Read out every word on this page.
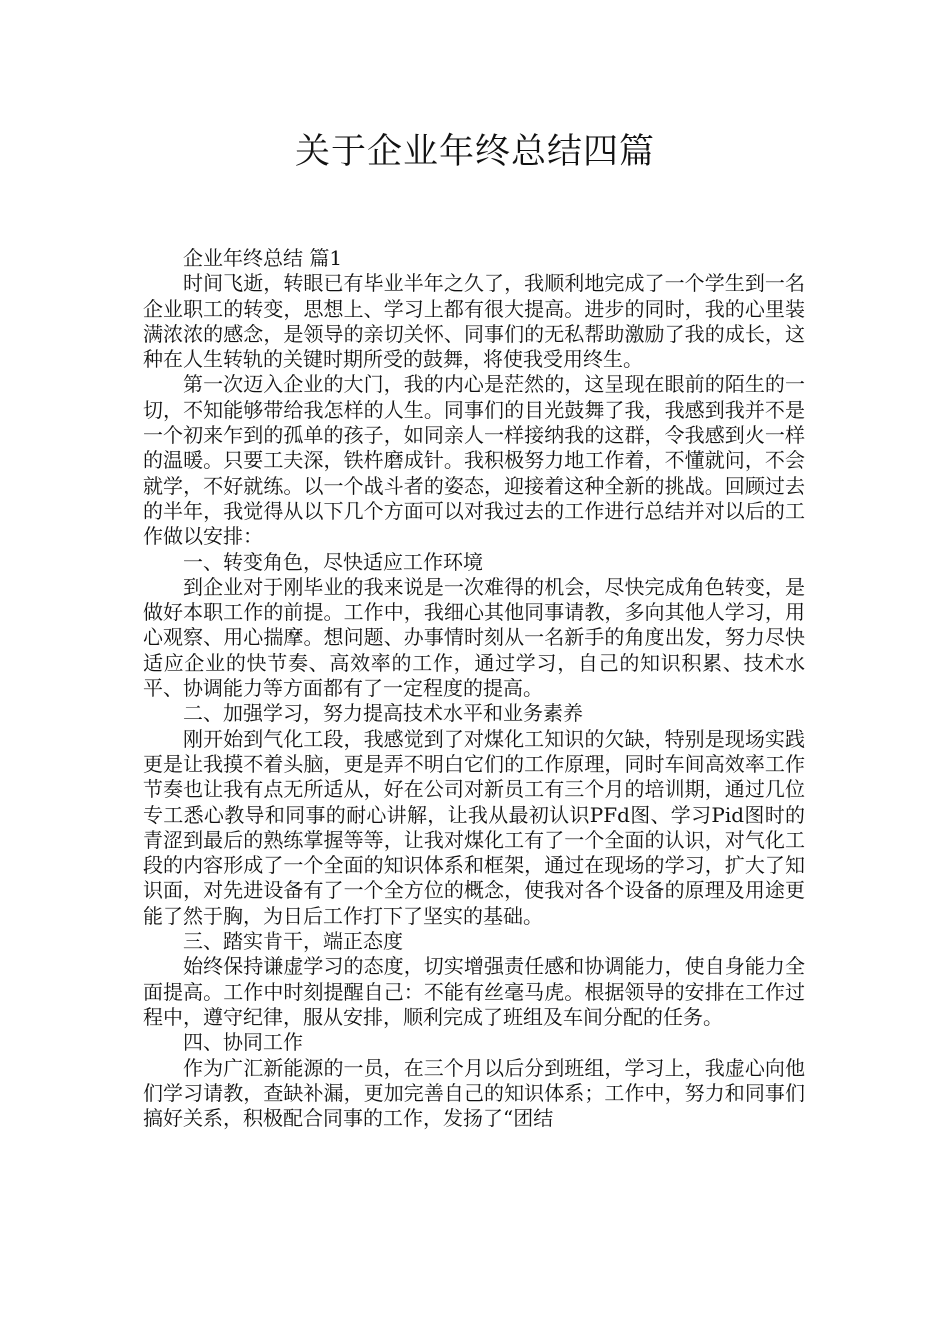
关于企业年终总结四篇

企业年终总结 篇1

时间飞逝，转眼已有毕业半年之久了，我顺利地完成了一个学生到一名企业职工的转变，思想上、学习上都有很大提高。进步的同时，我的心里装满浓浓的感念，是领导的亲切关怀、同事们的无私帮助激励了我的成长，这种在人生转轨的关键时期所受的鼓舞，将使我受用终生。

第一次迈入企业的大门，我的内心是茫然的，这呈现在眼前的陌生的一切，不知能够带给我怎样的人生。同事们的目光鼓舞了我，我感到我并不是一个初来乍到的孤单的孩子，如同亲人一样接纳我的这群，令我感到火一样的温暖。只要工夫深，铁杵磨成针。我积极努力地工作着，不懂就问，不会就学，不好就练。以一个战斗者的姿态，迎接着这种全新的挑战。回顾过去的半年，我觉得从以下几个方面可以对我过去的工作进行总结并对以后的工作做以安排：

一、转变角色，尽快适应工作环境

到企业对于刚毕业的我来说是一次难得的机会，尽快完成角色转变，是做好本职工作的前提。工作中，我细心其他同事请教，多向其他人学习，用心观察、用心揣摩。想问题、办事情时刻从一名新手的角度出发，努力尽快适应企业的快节奏、高效率的工作，通过学习，自己的知识积累、技术水平、协调能力等方面都有了一定程度的提高。

二、加强学习，努力提高技术水平和业务素养

刚开始到气化工段，我感觉到了对煤化工知识的欠缺，特别是现场实践更是让我摸不着头脑，更是弄不明白它们的工作原理，同时车间高效率工作节奏也让我有点无所适从，好在公司对新员工有三个月的培训期，通过几位专工悉心教导和同事的耐心讲解，让我从最初认识PFd图、学习Pid图时的青涩到最后的熟练掌握等等，让我对煤化工有了一个全面的认识，对气化工段的内容形成了一个全面的知识体系和框架，通过在现场的学习，扩大了知识面，对先进设备有了一个全方位的概念，使我对各个设备的原理及用途更能了然于胸，为日后工作打下了坚实的基础。

三、踏实肯干，端正态度

始终保持谦虚学习的态度，切实增强责任感和协调能力，使自身能力全面提高。工作中时刻提醒自己：不能有丝毫马虎。根据领导的安排在工作过程中，遵守纪律，服从安排，顺利完成了班组及车间分配的任务。

四、协同工作

作为广汇新能源的一员，在三个月以后分到班组，学习上，我虚心向他们学习请教，查缺补漏，更加完善自己的知识体系；工作中，努力和同事们搞好关系，积极配合同事的工作，发扬了“团结
